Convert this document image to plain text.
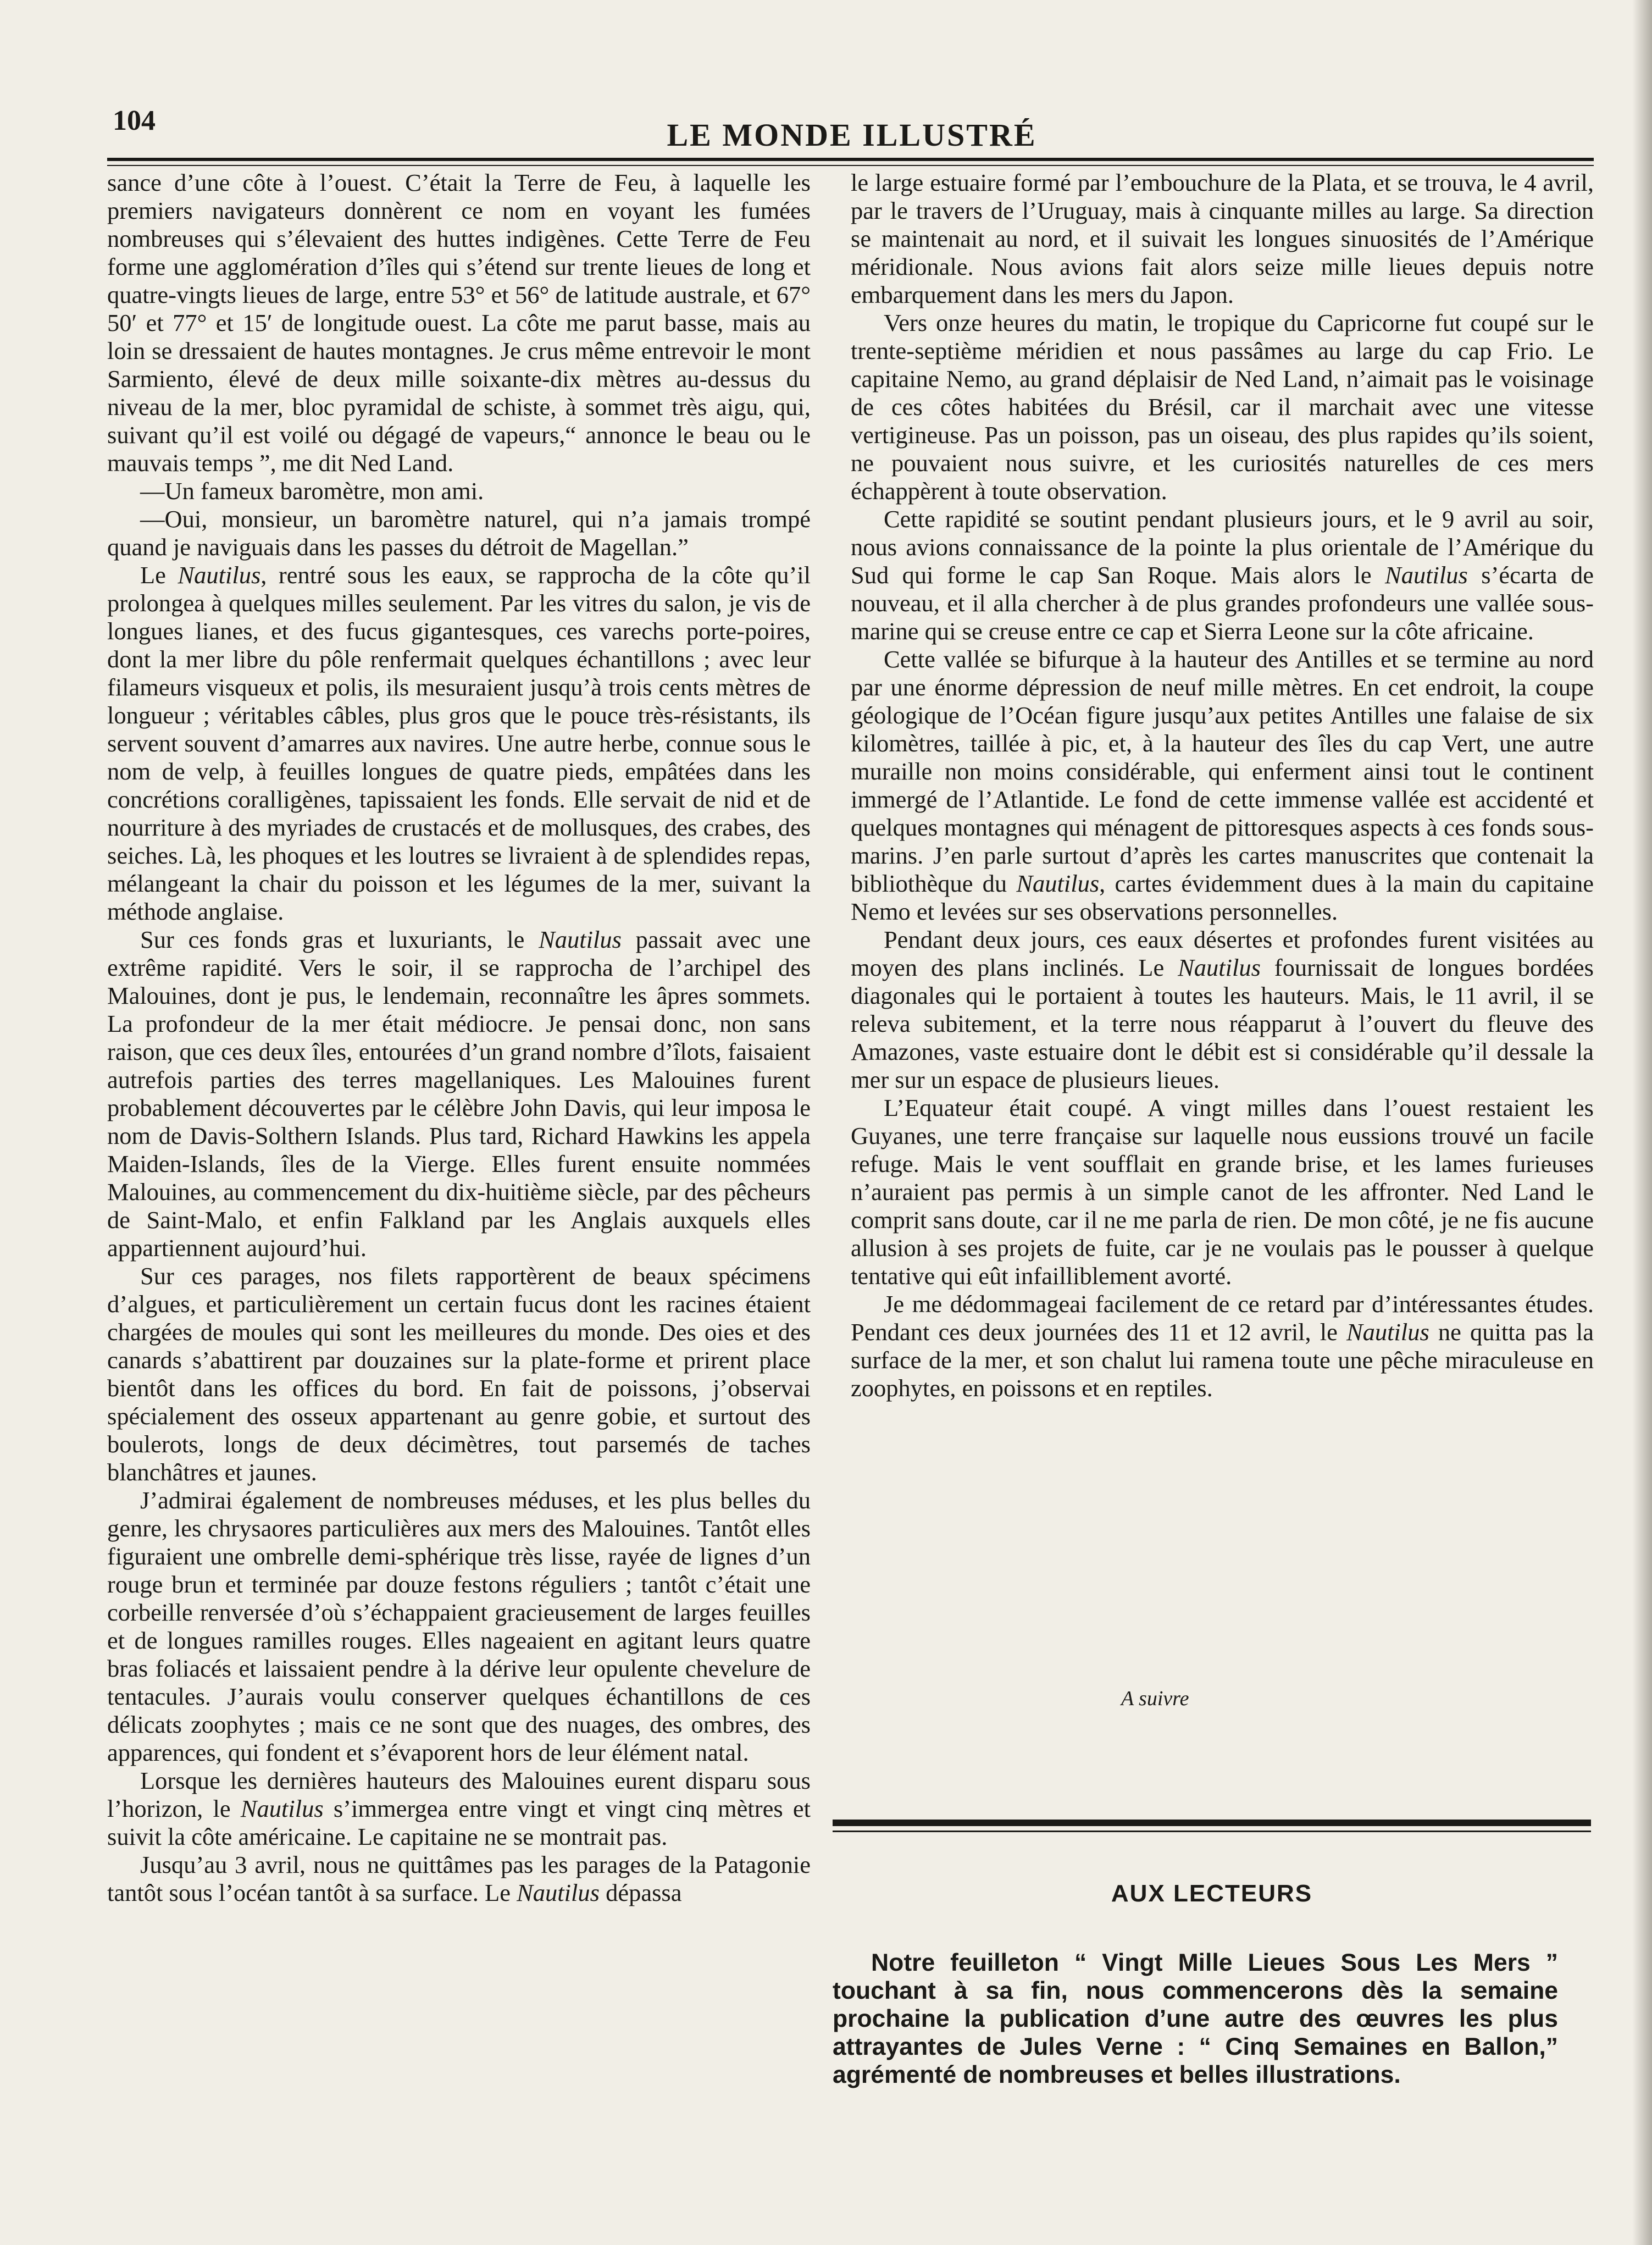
104	LE MONDE ILLUSTRÉ

sance d’une côte à l’ouest. C’était la Terre de Feu, à laquelle les premiers navigateurs donnèrent ce nom en voyant les fumées nombreuses qui s’élevaient des huttes indigènes. Cette Terre de Feu forme une agglomération d’îles qui s’étend sur trente lieues de long et quatre-vingts lieues de large, entre 53° et 56° de latitude australe, et 67° 50′ et 77° et 15′ de longitude ouest. La côte me parut basse, mais au loin se dressaient de hautes montagnes. Je crus même entrevoir le mont Sarmiento, élevé de deux mille soixante-dix mètres au-dessus du niveau de la mer, bloc pyramidal de schiste, à sommet très aigu, qui, suivant qu’il est voilé ou dégagé de vapeurs,“ annonce le beau ou le mauvais temps ”, me dit Ned Land.

—Un fameux baromètre, mon ami.

—Oui, monsieur, un baromètre naturel, qui n’a jamais trompé quand je naviguais dans les passes du détroit de Magellan.”

Le Nautilus, rentré sous les eaux, se rapprocha de la côte qu’il prolongea à quelques milles seulement. Par les vitres du salon, je vis de longues lianes, et des fucus gigantesques, ces varechs porte-poires, dont la mer libre du pôle renfermait quelques échantillons ; avec leur filameurs visqueux et polis, ils mesuraient jusqu’à trois cents mètres de longueur ; véritables câbles, plus gros que le pouce très-résistants, ils servent souvent d’amarres aux navires. Une autre herbe, connue sous le nom de velp, à feuilles longues de quatre pieds, empâtées dans les concrétions coralligènes, tapissaient les fonds. Elle servait de nid et de nourriture à des myriades de crustacés et de mollusques, des crabes, des seiches. Là, les phoques et les loutres se livraient à de splendides repas, mélangeant la chair du poisson et les légumes de la mer, suivant la méthode anglaise.

Sur ces fonds gras et luxuriants, le Nautilus passait avec une extrême rapidité. Vers le soir, il se rapprocha de l’archipel des Malouines, dont je pus, le lendemain, reconnaître les âpres sommets. La profondeur de la mer était médiocre. Je pensai donc, non sans raison, que ces deux îles, entourées d’un grand nombre d’îlots, faisaient autrefois parties des terres magellaniques. Les Malouines furent probablement découvertes par le célèbre John Davis, qui leur imposa le nom de Davis-Solthern Islands. Plus tard, Richard Hawkins les appela Maiden-Islands, îles de la Vierge. Elles furent ensuite nommées Malouines, au commencement du dix-huitième siècle, par des pêcheurs de Saint-Malo, et enfin Falkland par les Anglais auxquels elles appartiennent aujourd’hui.

Sur ces parages, nos filets rapportèrent de beaux spécimens d’algues, et particulièrement un certain fucus dont les racines étaient chargées de moules qui sont les meilleures du monde. Des oies et des canards s’abattirent par douzaines sur la plate-forme et prirent place bientôt dans les offices du bord. En fait de poissons, j’observai spécialement des osseux appartenant au genre gobie, et surtout des boulerots, longs de deux décimètres, tout parsemés de taches blanchâtres et jaunes.

J’admirai également de nombreuses méduses, et les plus belles du genre, les chrysaores particulières aux mers des Malouines. Tantôt elles figuraient une ombrelle demi-sphérique très lisse, rayée de lignes d’un rouge brun et terminée par douze festons réguliers ; tantôt c’était une corbeille renversée d’où s’échappaient gracieusement de larges feuilles et de longues ramilles rouges. Elles nageaient en agitant leurs quatre bras foliacés et laissaient pendre à la dérive leur opulente chevelure de tentacules. J’aurais voulu conserver quelques échantillons de ces délicats zoophytes ; mais ce ne sont que des nuages, des ombres, des apparences, qui fondent et s’évaporent hors de leur élément natal.

Lorsque les dernières hauteurs des Malouines eurent disparu sous l’horizon, le Nautilus s’immergea entre vingt et vingt cinq mètres et suivit la côte américaine. Le capitaine ne se montrait pas.

Jusqu’au 3 avril, nous ne quittâmes pas les parages de la Patagonie tantôt sous l’océan tantôt à sa surface. Le Nautilus dépassa

le large estuaire formé par l’embouchure de la Plata, et se trouva, le 4 avril, par le travers de l’Uruguay, mais à cinquante milles au large. Sa direction se maintenait au nord, et il suivait les longues sinuosités de l’Amérique méridionale. Nous avions fait alors seize mille lieues depuis notre embarquement dans les mers du Japon.

Vers onze heures du matin, le tropique du Capricorne fut coupé sur le trente-septième méridien et nous passâmes au large du cap Frio. Le capitaine Nemo, au grand déplaisir de Ned Land, n’aimait pas le voisinage de ces côtes habitées du Brésil, car il marchait avec une vitesse vertigineuse. Pas un poisson, pas un oiseau, des plus rapides qu’ils soient, ne pouvaient nous suivre, et les curiosités naturelles de ces mers échappèrent à toute observation.

Cette rapidité se soutint pendant plusieurs jours, et le 9 avril au soir, nous avions connaissance de la pointe la plus orientale de l’Amérique du Sud qui forme le cap San Roque. Mais alors le Nautilus s’écarta de nouveau, et il alla chercher à de plus grandes profondeurs une vallée sous-marine qui se creuse entre ce cap et Sierra Leone sur la côte africaine.

Cette vallée se bifurque à la hauteur des Antilles et se termine au nord par une énorme dépression de neuf mille mètres. En cet endroit, la coupe géologique de l’Océan figure jusqu’aux petites Antilles une falaise de six kilomètres, taillée à pic, et, à la hauteur des îles du cap Vert, une autre muraille non moins considérable, qui enferment ainsi tout le continent immergé de l’Atlantide. Le fond de cette immense vallée est accidenté et quelques montagnes qui ménagent de pittoresques aspects à ces fonds sous-marins. J’en parle surtout d’après les cartes manuscrites que contenait la bibliothèque du Nautilus, cartes évidemment dues à la main du capitaine Nemo et levées sur ses observations personnelles.

Pendant deux jours, ces eaux désertes et profondes furent visitées au moyen des plans inclinés. Le Nautilus fournissait de longues bordées diagonales qui le portaient à toutes les hauteurs. Mais, le 11 avril, il se releva subitement, et la terre nous réapparut à l’ouvert du fleuve des Amazones, vaste estuaire dont le débit est si considérable qu’il dessale la mer sur un espace de plusieurs lieues.

L’Equateur était coupé. A vingt milles dans l’ouest restaient les Guyanes, une terre française sur laquelle nous eussions trouvé un facile refuge. Mais le vent soufflait en grande brise, et les lames furieuses n’auraient pas permis à un simple canot de les affronter. Ned Land le comprit sans doute, car il ne me parla de rien. De mon côté, je ne fis aucune allusion à ses projets de fuite, car je ne voulais pas le pousser à quelque tentative qui eût infailliblement avorté.

Je me dédommageai facilement de ce retard par d’intéressantes études. Pendant ces deux journées des 11 et 12 avril, le Nautilus ne quitta pas la surface de la mer, et son chalut lui ramena toute une pêche miraculeuse en zoophytes, en poissons et en reptiles.

A suivre
AUX LECTEURS
Notre feuilleton “ Vingt Mille Lieues Sous Les Mers ” touchant à sa fin, nous commencerons dès la semaine prochaine la publication d’une autre des œuvres les plus attrayantes de Jules Verne : “ Cinq Semaines en Ballon,” agrémenté de nombreuses et belles illustrations.
